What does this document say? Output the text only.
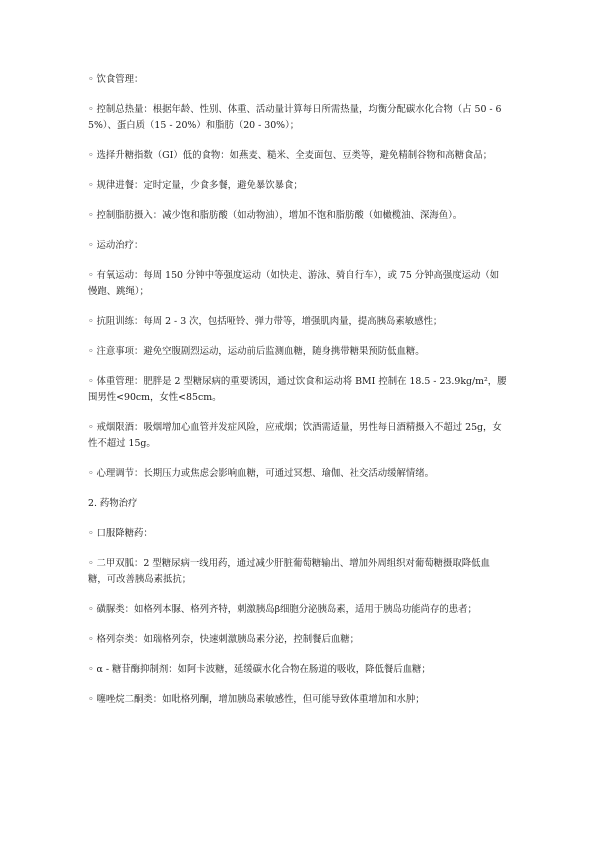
◦ 饮食管理：

◦ 控制总热量：根据年龄、性别、体重、活动量计算每日所需热量，均衡分配碳水化合物（占 50 - 65%）、蛋白质（15 - 20%）和脂肪（20 - 30%）；

◦ 选择升糖指数（GI）低的食物：如燕麦、糙米、全麦面包、豆类等，避免精制谷物和高糖食品；

◦ 规律进餐：定时定量，少食多餐，避免暴饮暴食；

◦ 控制脂肪摄入：减少饱和脂肪酸（如动物油），增加不饱和脂肪酸（如橄榄油、深海鱼）。

◦ 运动治疗：

◦ 有氧运动：每周 150 分钟中等强度运动（如快走、游泳、骑自行车），或 75 分钟高强度运动（如慢跑、跳绳）；

◦ 抗阻训练：每周 2 - 3 次，包括哑铃、弹力带等，增强肌肉量，提高胰岛素敏感性；

◦ 注意事项：避免空腹剧烈运动，运动前后监测血糖，随身携带糖果预防低血糖。

◦ 体重管理：肥胖是 2 型糖尿病的重要诱因，通过饮食和运动将 BMI 控制在 18.5 - 23.9kg/m²，腰围男性<90cm，女性<85cm。

◦ 戒烟限酒：吸烟增加心血管并发症风险，应戒烟；饮酒需适量，男性每日酒精摄入不超过 25g，女性不超过 15g。

◦ 心理调节：长期压力或焦虑会影响血糖，可通过冥想、瑜伽、社交活动缓解情绪。

2. 药物治疗

◦ 口服降糖药：

◦ 二甲双胍：2 型糖尿病一线用药，通过减少肝脏葡萄糖输出、增加外周组织对葡萄糖摄取降低血糖，可改善胰岛素抵抗；

◦ 磺脲类：如格列本脲、格列齐特，刺激胰岛β细胞分泌胰岛素，适用于胰岛功能尚存的患者；

◦ 格列奈类：如瑞格列奈，快速刺激胰岛素分泌，控制餐后血糖；

◦ α - 糖苷酶抑制剂：如阿卡波糖，延缓碳水化合物在肠道的吸收，降低餐后血糖；

◦ 噻唑烷二酮类：如吡格列酮，增加胰岛素敏感性，但可能导致体重增加和水肿；
